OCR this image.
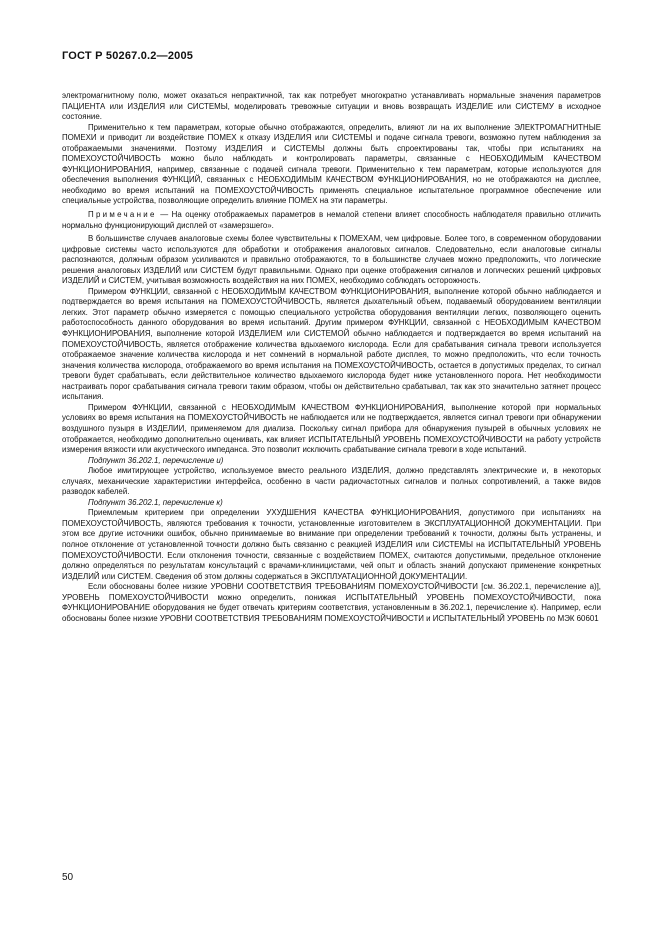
ГОСТ Р 50267.0.2—2005

электромагнитному полю, может оказаться непрактичной, так как потребует многократно устанавливать нормальные значения параметров ПАЦИЕНТА или ИЗДЕЛИЯ или СИСТЕМЫ, моделировать тревожные ситуации и вновь возвращать ИЗДЕЛИЕ или СИСТЕМУ в исходное состояние.

Применительно к тем параметрам, которые обычно отображаются, определить, влияют ли на их выполнение ЭЛЕКТРОМАГНИТНЫЕ ПОМЕХИ и приводит ли воздействие ПОМЕХ к отказу ИЗДЕЛИЯ или СИСТЕМЫ и подаче сигнала тревоги, возможно путем наблюдения за отображаемыми значениями. Поэтому ИЗДЕЛИЯ и СИСТЕМЫ должны быть спроектированы так, чтобы при испытаниях на ПОМЕХОУСТОЙЧИВОСТЬ можно было наблюдать и контролировать параметры, связанные с НЕОБХОДИМЫМ КАЧЕСТВОМ ФУНКЦИОНИРОВАНИЯ, например, связанные с подачей сигнала тревоги. Применительно к тем параметрам, которые используются для обеспечения выполнения ФУНКЦИЙ, связанных с НЕОБХОДИМЫМ КАЧЕСТВОМ ФУНКЦИОНИРОВАНИЯ, но не отображаются на дисплее, необходимо во время испытаний на ПОМЕХОУСТОЙЧИВОСТЬ применять специальное испытательное программное обеспечение или специальные устройства, позволяющие определить влияние ПОМЕХ на эти параметры.

Примечание — На оценку отображаемых параметров в немалой степени влияет способность наблюдателя правильно отличить нормально функционирующий дисплей от «замерзшего».

В большинстве случаев аналоговые схемы более чувствительны к ПОМЕХАМ, чем цифровые. Более того, в современном оборудовании цифровые системы часто используются для обработки и отображения аналоговых сигналов. Следовательно, если аналоговые сигналы распознаются, должным образом усиливаются и правильно отображаются, то в большинстве случаев можно предположить, что логические решения аналоговых ИЗДЕЛИЙ или СИСТЕМ будут правильными. Однако при оценке отображения сигналов и логических решений цифровых ИЗДЕЛИЙ и СИСТЕМ, учитывая возможность воздействия на них ПОМЕХ, необходимо соблюдать осторожность.

Примером ФУНКЦИИ, связанной с НЕОБХОДИМЫМ КАЧЕСТВОМ ФУНКЦИОНИРОВАНИЯ, выполнение которой обычно наблюдается и подтверждается во время испытания на ПОМЕХОУСТОЙЧИВОСТЬ, является дыхательный объем, подаваемый оборудованием вентиляции легких. Этот параметр обычно измеряется с помощью специального устройства оборудования вентиляции легких, позволяющего оценить работоспособность данного оборудования во время испытаний. Другим примером ФУНКЦИИ, связанной с НЕОБХОДИМЫМ КАЧЕСТВОМ ФУНКЦИОНИРОВАНИЯ, выполнение которой ИЗДЕЛИЕМ или СИСТЕМОЙ обычно наблюдается и подтверждается во время испытаний на ПОМЕХОУСТОЙЧИВОСТЬ, является отображение количества вдыхаемого кислорода. Если для срабатывания сигнала тревоги используется отображаемое значение количества кислорода и нет сомнений в нормальной работе дисплея, то можно предположить, что если точность значения количества кислорода, отображаемого во время испытания на ПОМЕХОУСТОЙЧИВОСТЬ, остается в допустимых пределах, то сигнал тревоги будет срабатывать, если действительное количество вдыхаемого кислорода будет ниже установленного порога. Нет необходимости настраивать порог срабатывания сигнала тревоги таким образом, чтобы он действительно срабатывал, так как это значительно затянет процесс испытания.

Примером ФУНКЦИИ, связанной с НЕОБХОДИМЫМ КАЧЕСТВОМ ФУНКЦИОНИРОВАНИЯ, выполнение которой при нормальных условиях во время испытания на ПОМЕХОУСТОЙЧИВОСТЬ не наблюдается или не подтверждается, является сигнал тревоги при обнаружении воздушного пузыря в ИЗДЕЛИИ, применяемом для диализа. Поскольку сигнал прибора для обнаружения пузырей в обычных условиях не отображается, необходимо дополнительно оценивать, как влияет ИСПЫТАТЕЛЬНЫЙ УРОВЕНЬ ПОМЕХОУСТОЙЧИВОСТИ на работу устройств измерения вязкости или акустического импеданса. Это позволит исключить срабатывание сигнала тревоги в ходе испытаний.

Подпункт 36.202.1, перечисление и)

Любое имитирующее устройство, используемое вместо реального ИЗДЕЛИЯ, должно представлять электрические и, в некоторых случаях, механические характеристики интерфейса, особенно в части радиочастотных сигналов и полных сопротивлений, а также видов разводок кабелей.

Подпункт 36.202.1, перечисление к)

Приемлемым критерием при определении УХУДШЕНИЯ КАЧЕСТВА ФУНКЦИОНИРОВАНИЯ, допустимого при испытаниях на ПОМЕХОУСТОЙЧИВОСТЬ, являются требования к точности, установленные изготовителем в ЭКСПЛУАТАЦИОННОЙ ДОКУМЕНТАЦИИ. При этом все другие источники ошибок, обычно принимаемые во внимание при определении требований к точности, должны быть устранены, и полное отклонение от установленной точности должно быть связанно с реакцией ИЗДЕЛИЯ или СИСТЕМЫ на ИСПЫТАТЕЛЬНЫЙ УРОВЕНЬ ПОМЕХОУСТОЙЧИВОСТИ. Если отклонения точности, связанные с воздействием ПОМЕХ, считаются допустимыми, предельное отклонение должно определяться по результатам консультаций с врачами-клиницистами, чей опыт и область знаний допускают применение конкретных ИЗДЕЛИЙ или СИСТЕМ. Сведения об этом должны содержаться в ЭКСПЛУАТАЦИОННОЙ ДОКУМЕНТАЦИИ.

Если обоснованы более низкие УРОВНИ СООТВЕТСТВИЯ ТРЕБОВАНИЯМ ПОМЕХОУСТОЙЧИВОСТИ [см. 36.202.1, перечисление а)], УРОВЕНЬ ПОМЕХОУСТОЙЧИВОСТИ можно определить, понижая ИСПЫТАТЕЛЬНЫЙ УРОВЕНЬ ПОМЕХОУСТОЙЧИВОСТИ, пока ФУНКЦИОНИРОВАНИЕ оборудования не будет отвечать критериям соответствия, установленным в 36.202.1, перечисление к). Например, если обоснованы более низкие УРОВНИ СООТВЕТСТВИЯ ТРЕБОВАНИЯМ ПОМЕХОУСТОЙЧИВОСТИ и ИСПЫТАТЕЛЬНЫЙ УРОВЕНЬ по МЭК 60601

50
